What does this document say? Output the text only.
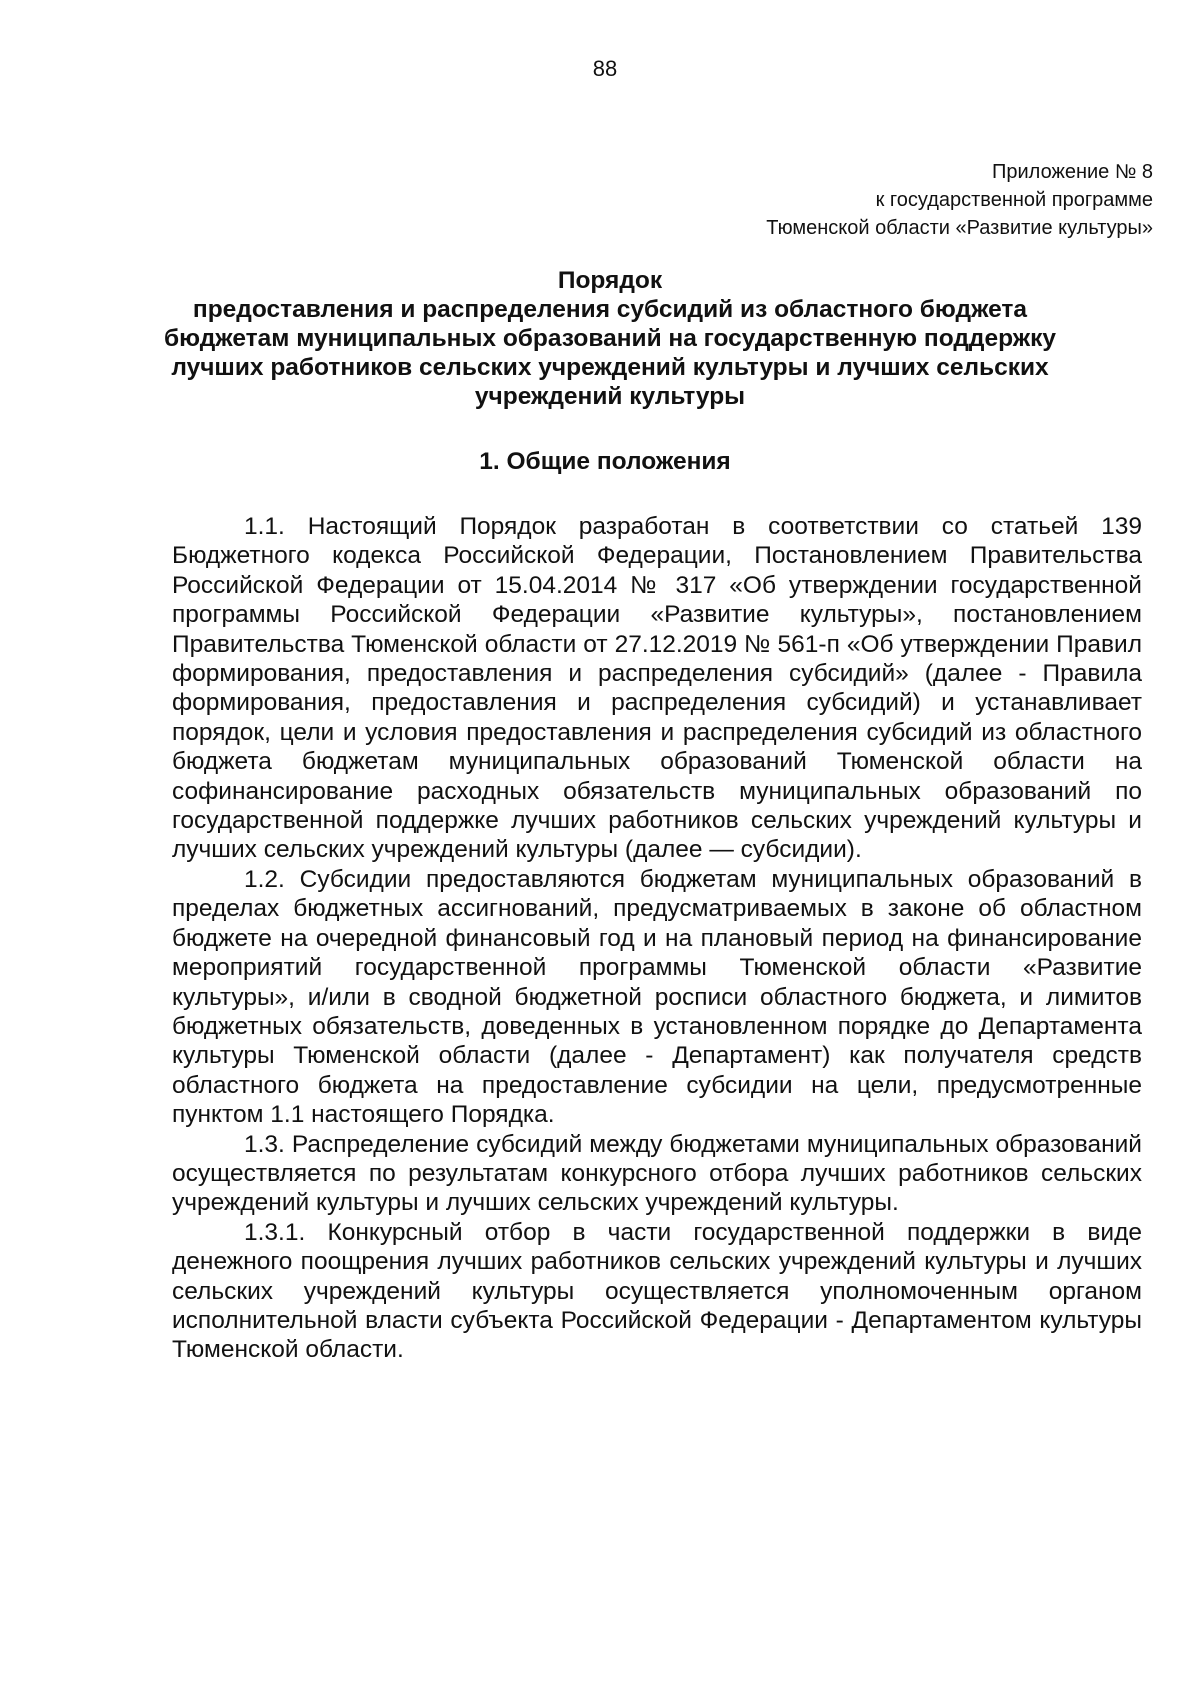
88
Приложение № 8
к государственной программе
Тюменской области «Развитие культуры»
Порядок
предоставления и распределения субсидий из областного бюджета
бюджетам муниципальных образований на государственную поддержку
лучших работников сельских учреждений культуры и лучших сельских
учреждений культуры
1. Общие положения

1.1. Настоящий Порядок разработан в соответствии со статьей 139 Бюджетного кодекса Российской Федерации, Постановлением Правительства Российской Федерации от 15.04.2014 № 317 «Об утверждении государственной программы Российской Федерации «Развитие культуры», постановлением Правительства Тюменской области от 27.12.2019 № 561-п «Об утверждении Правил формирования, предоставления и распределения субсидий» (далее - Правила формирования, предоставления и распределения субсидий) и устанавливает порядок, цели и условия предоставления и распределения субсидий из областного бюджета бюджетам муниципальных образований Тюменской области на софинансирование расходных обязательств муниципальных образований по государственной поддержке лучших работников сельских учреждений культуры и лучших сельских учреждений культуры (далее — субсидии).

1.2. Субсидии предоставляются бюджетам муниципальных образований в пределах бюджетных ассигнований, предусматриваемых в законе об областном бюджете на очередной финансовый год и на плановый период на финансирование мероприятий государственной программы Тюменской области «Развитие культуры», и/или в сводной бюджетной росписи областного бюджета, и лимитов бюджетных обязательств, доведенных в установленном порядке до Департамента культуры Тюменской области (далее - Департамент) как получателя средств областного бюджета на предоставление субсидии на цели, предусмотренные пунктом 1.1 настоящего Порядка.

1.3. Распределение субсидий между бюджетами муниципальных образований осуществляется по результатам конкурсного отбора лучших работников сельских учреждений культуры и лучших сельских учреждений культуры.

1.3.1. Конкурсный отбор в части государственной поддержки в виде денежного поощрения лучших работников сельских учреждений культуры и лучших сельских учреждений культуры осуществляется уполномоченным органом исполнительной власти субъекта Российской Федерации - Департаментом культуры Тюменской области.
